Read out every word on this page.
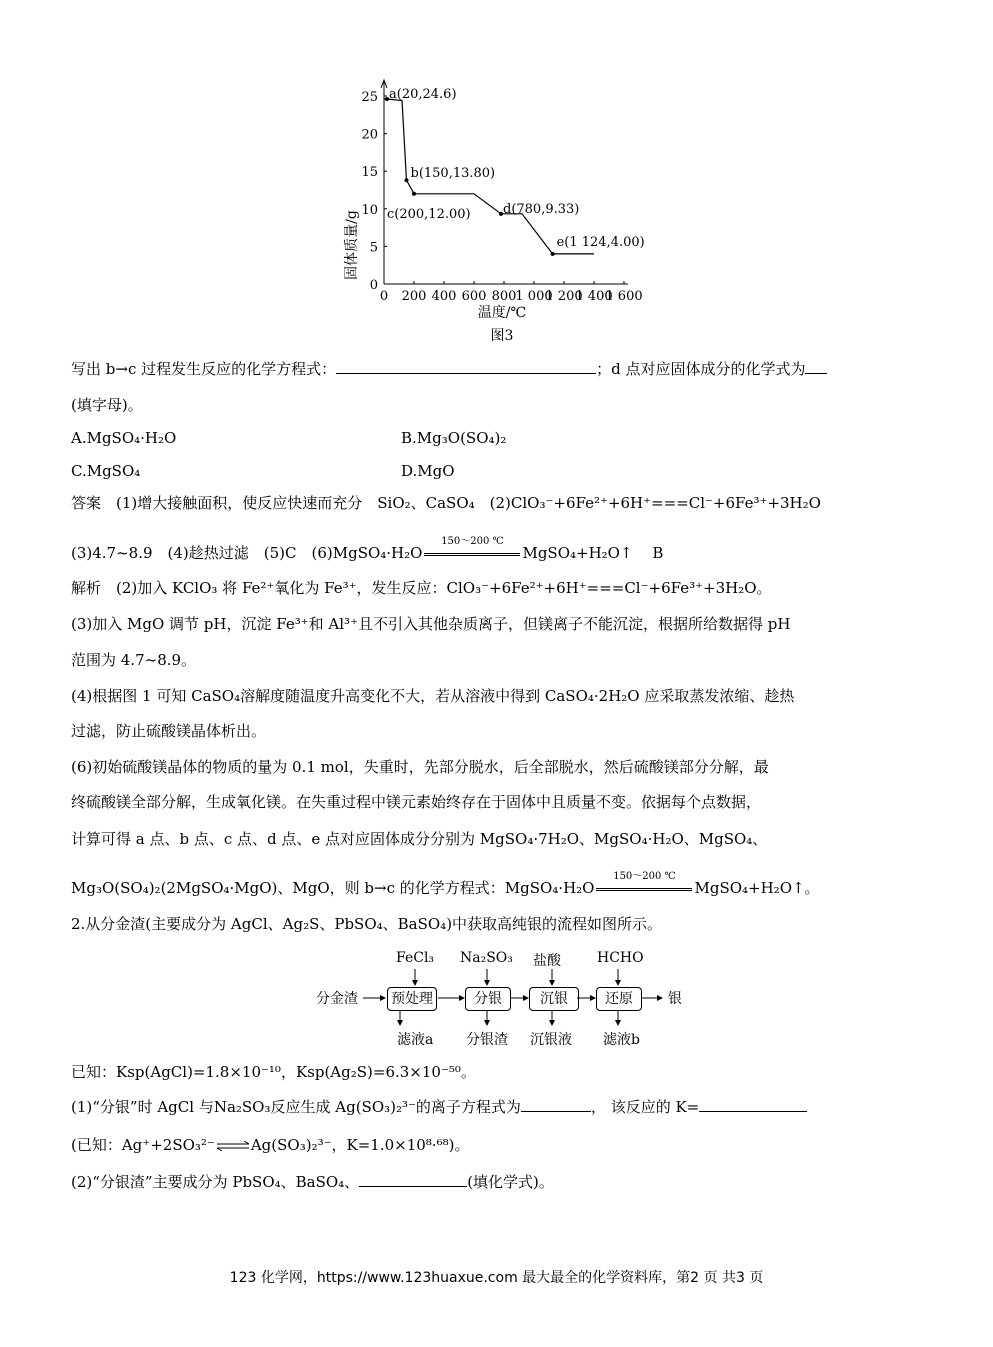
0 200 400 600 800
1 000
1 200
1 400
1 600
0
5
10
15
20
25 a(20,24.6)
b(150,13.80)
c(200,12.00) d(780,9.33)
e(1 124,4.00)
固体质量/g
温度/℃
图3
写出 b→c 过程发生反应的化学方程式：	；d 点对应固体成分的化学式为
(填字母)。
A.MgSO₄·H₂O	B.Mg₃O(SO₄)₂
C.MgSO₄	D.MgO
答案　(1)增大接触面积，使反应快速而充分　SiO₂、CaSO₄　(2)ClO₃⁻+6Fe²⁺+6H⁺===Cl⁻+6Fe³⁺+3H₂O
(3)4.7~8.9　(4)趁热过滤　(5)C　(6)MgSO₄·H₂O
150～200 ℃
MgSO₄+H₂O↑　 B
解析　(2)加入 KClO₃ 将 Fe²⁺氧化为 Fe³⁺，发生反应：ClO₃⁻+6Fe²⁺+6H⁺===Cl⁻+6Fe³⁺+3H₂O。
(3)加入 MgO 调节 pH，沉淀 Fe³⁺和 Al³⁺且不引入其他杂质离子，但镁离子不能沉淀，根据所给数据得 pH
范围为 4.7~8.9。
(4)根据图 1 可知 CaSO₄溶解度随温度升高变化不大，若从溶液中得到 CaSO₄·2H₂O 应采取蒸发浓缩、趁热
过滤，防止硫酸镁晶体析出。
(6)初始硫酸镁晶体的物质的量为 0.1 mol，失重时，先部分脱水，后全部脱水，然后硫酸镁部分分解，最
终硫酸镁全部分解，生成氧化镁。在失重过程中镁元素始终存在于固体中且质量不变。依据每个点数据，
计算可得 a 点、b 点、c 点、d 点、e 点对应固体成分分别为 MgSO₄·7H₂O、MgSO₄·H₂O、MgSO₄、
Mg₃O(SO₄)₂(2MgSO₄·MgO)、MgO，则 b→c 的化学方程式：MgSO₄·H₂O
150～200 ℃
MgSO₄+H₂O↑。
2.从分金渣(主要成分为 AgCl、Ag₂S、PbSO₄、BaSO₄)中获取高纯银的流程如图所示。
FeCl₃ Na₂SO₃ 盐酸	HCHO
分金渣 预处理	分银	沉银	还原	银
滤液a 分银渣 沉银液 滤液b
已知：Ksp(AgCl)=1.8×10⁻¹⁰，Ksp(Ag₂S)=6.3×10⁻⁵⁰。
(1)“分银”时 AgCl 与Na₂SO₃反应生成 Ag(SO₃)₂³⁻的离子方程式为	， 该反应的 K=
(已知：Ag⁺+2SO₃²⁻⇌Ag(SO₃)₂³⁻，K=1.0×10⁸·⁶⁸)。
(2)“分银渣”主要成分为 PbSO₄、BaSO₄、	(填化学式)。
123 化学网，https://www.123huaxue.com 最大最全的化学资料库，第2 页 共3 页
